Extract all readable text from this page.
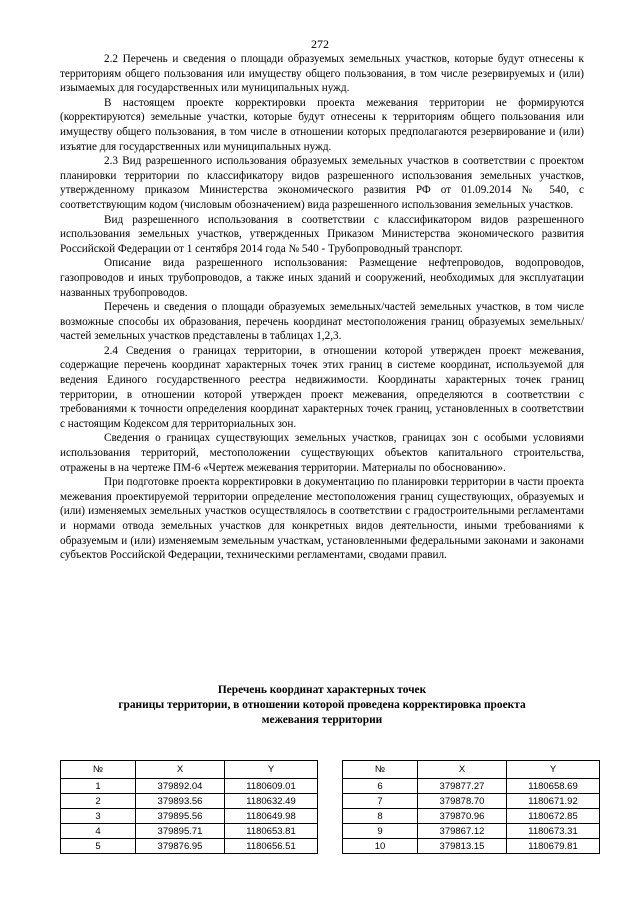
272

2.2 Перечень и сведения о площади образуемых земельных участков, которые будут отнесены к территориям общего пользования или имуществу общего пользования, в том числе резервируемых и (или) изымаемых для государственных или муниципальных нужд.

В настоящем проекте корректировки проекта межевания территории не формируются (корректируются) земельные участки, которые будут отнесены к территориям общего пользования или имуществу общего пользования, в том числе в отношении которых предполагаются резервирование и (или) изъятие для государственных или муниципальных нужд.

2.3 Вид разрешенного использования образуемых земельных участков в соответствии с проектом планировки территории по классификатору видов разрешенного использования земельных участков, утвержденному приказом Министерства экономического развития РФ от 01.09.2014 № 540, с соответствующим кодом (числовым обозначением) вида разрешенного использования земельных участков.

Вид разрешенного использования в соответствии с классификатором видов разрешенного использования земельных участков, утвержденных Приказом Министерства экономического развития Российской Федерации от 1 сентября 2014 года № 540 - Трубопроводный транспорт.

Описание вида разрешенного использования: Размещение нефтепроводов, водопроводов, газопроводов и иных трубопроводов, а также иных зданий и сооружений, необходимых для эксплуатации названных трубопроводов.

Перечень и сведения о площади образуемых земельных/частей земельных участков, в том числе возможные способы их образования, перечень координат местоположения границ образуемых земельных/частей земельных участков представлены в таблицах 1,2,3.

2.4 Сведения о границах территории, в отношении которой утвержден проект межевания, содержащие перечень координат характерных точек этих границ в системе координат, используемой для ведения Единого государственного реестра недвижимости. Координаты характерных точек границ территории, в отношении которой утвержден проект межевания, определяются в соответствии с требованиями к точности определения координат характерных точек границ, установленных в соответствии с настоящим Кодексом для территориальных зон.

Сведения о границах существующих земельных участков, границах зон с особыми условиями использования территорий, местоположении существующих объектов капитального строительства, отражены в на чертеже ПМ-6 «Чертеж межевания территории. Материалы по обоснованию».

При подготовке проекта корректировки в документацию по планировки территории в части проекта межевания проектируемой территории определение местоположения границ существующих, образуемых и (или) изменяемых земельных участков осуществлялось в соответствии с градостроительными регламентами и нормами отвода земельных участков для конкретных видов деятельности, иными требованиями к образуемым и (или) изменяемым земельным участкам, установленными федеральными законами и законами субъектов Российской Федерации, техническими регламентами, сводами правил.

Перечень координат характерных точек
границы территории, в отношении которой проведена корректировка проекта
межевания территории
№	X	Y
1	379892.04	1180609.01
2	379893.56	1180632.49
3	379895.56	1180649.98
4	379895.71	1180653.81
5	379876.95	1180656.51
№	X	Y
6	379877.27	1180658.69
7	379878.70	1180671.92
8	379870.96	1180672.85
9	379867.12	1180673.31
10	379813.15	1180679.81
